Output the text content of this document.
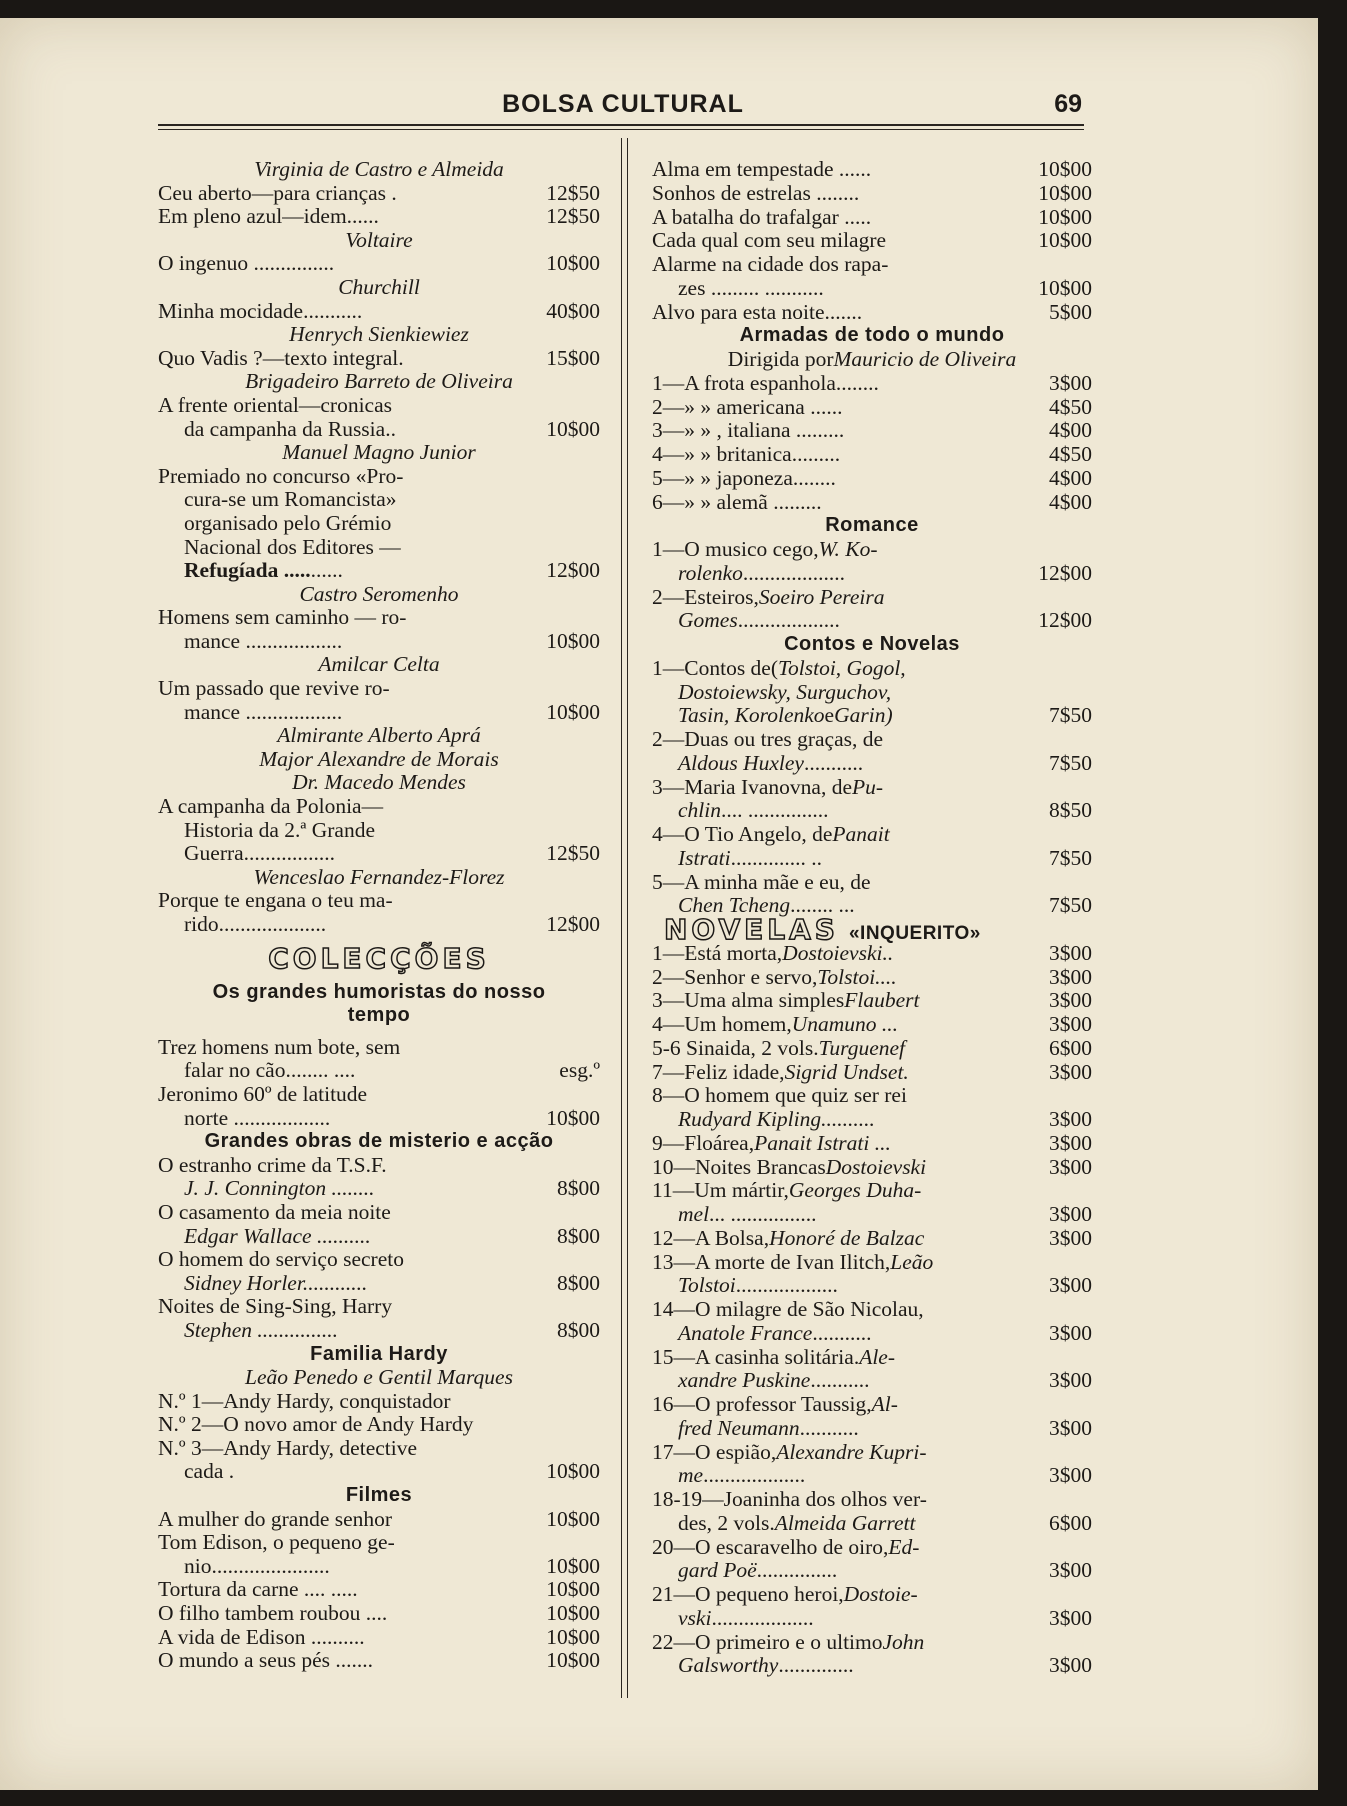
BOLSA CULTURAL	69
Virginia de Castro e Almeida
Ceu aberto—para crianças .	12$50
Em pleno azul—idem......	12$50
Voltaire
O ingenuo ...............	10$00
Churchill
Minha mocidade...........	40$00
Henrych Sienkiewiez
Quo Vadis ?—texto integral.	15$00
Brigadeiro Barreto de Oliveira
A frente oriental—cronicas
da campanha da Russia..	10$00
Manuel Magno Junior
Premiado no concurso «Pro-
cura-se um Romancista»
organisado pelo Grémio
Nacional dos Editores —
Refugíada ...........	12$00
Castro Seromenho
Homens sem caminho — ro-
mance ..................	10$00
Amilcar Celta
Um passado que revive ro-
mance ..................	10$00
Almirante Alberto Aprá
Major Alexandre de Morais
Dr. Macedo Mendes
A campanha da Polonia—
Historia da 2.ª Grande
Guerra.................	12$50
Wenceslao Fernandez-Florez
Porque te engana o teu ma-
rido....................	12$00
COLECÇÕES
Os grandes humoristas do nosso
tempo
Trez homens num bote, sem
falar no cão........ ....	esg.º
Jeronimo 60º de latitude
norte ..................	10$00
Grandes obras de misterio e acção
O estranho crime da T.S.F.
J. J. Connington ........	8$00
O casamento da meia noite
Edgar Wallace ..........	8$00
O homem do serviço secreto
Sidney Horler............	8$00
Noites de Sing-Sing, Harry
Stephen ...............	8$00
Familia Hardy
Leão Penedo e Gentil Marques
N.º 1—Andy Hardy, conquistador
N.º 2—O novo amor de Andy Hardy
N.º 3—Andy Hardy, detective
cada .	10$00
Filmes
A mulher do grande senhor	10$00
Tom Edison, o pequeno ge-
nio......................	10$00
Tortura da carne .... .....	10$00
O filho tambem roubou ....	10$00
A vida de Edison ..........	10$00
O mundo a seus pés .......	10$00
Alma em tempestade ......	10$00
Sonhos de estrelas ........	10$00
A batalha do trafalgar .....	10$00
Cada qual com seu milagre	10$00
Alarme na cidade dos rapa-
zes ......... ...........	10$00
Alvo para esta noite.......	5$00
Armadas de todo o mundo
Dirigida porMauricio de Oliveira
1—A frota espanhola........	3$00
2—» » americana ......	4$50
3—» » , italiana .........	4$00
4—» » britanica.........	4$50
5—» » japoneza........	4$00
6—» » alemã .........	4$00
Romance
1—O musico cego,W. Ko-
rolenko...................	12$00
2—Esteiros,Soeiro Pereira
Gomes...................	12$00
Contos e Novelas
1—Contos de(Tolstoi, Gogol,
Dostoiewsky, Surguchov,
Tasin, KorolenkoeGarin)	7$50
2—Duas ou tres graças, de
Aldous Huxley...........	7$50
3—Maria Ivanovna, dePu-
chlin.... ...............	8$50
4—O Tio Angelo, dePanait
Istrati.............. ..	7$50
5—A minha mãe e eu, de
Chen Tcheng........ ...	7$50
NOVELAS «INQUERITO»
1—Está morta,Dostoievski..	3$00
2—Senhor e servo,Tolstoi....	3$00
3—Uma alma simplesFlaubert	3$00
4—Um homem,Unamuno ...	3$00
5-6 Sinaida, 2 vols.Turguenef	6$00
7—Feliz idade,Sigrid Undset.	3$00
8—O homem que quiz ser rei
Rudyard Kipling..........	3$00
9—Floárea,Panait Istrati ...	3$00
10—Noites BrancasDostoievski	3$00
11—Um mártir,Georges Duha-
mel... ................	3$00
12—A Bolsa,Honoré de Balzac	3$00
13—A morte de Ivan Ilitch,Leão
Tolstoi...................	3$00
14—O milagre de São Nicolau,
Anatole France...........	3$00
15—A casinha solitária.Ale-
xandre Puskine...........	3$00
16—O professor Taussig,Al-
fred Neumann...........	3$00
17—O espião,Alexandre Kupri-
me...................	3$00
18-19—Joaninha dos olhos ver-
des, 2 vols.Almeida Garrett	6$00
20—O escaravelho de oiro,Ed-
gard Poë...............	3$00
21—O pequeno heroi,Dostoie-
vski...................	3$00
22—O primeiro e o ultimoJohn
Galsworthy..............	3$00
